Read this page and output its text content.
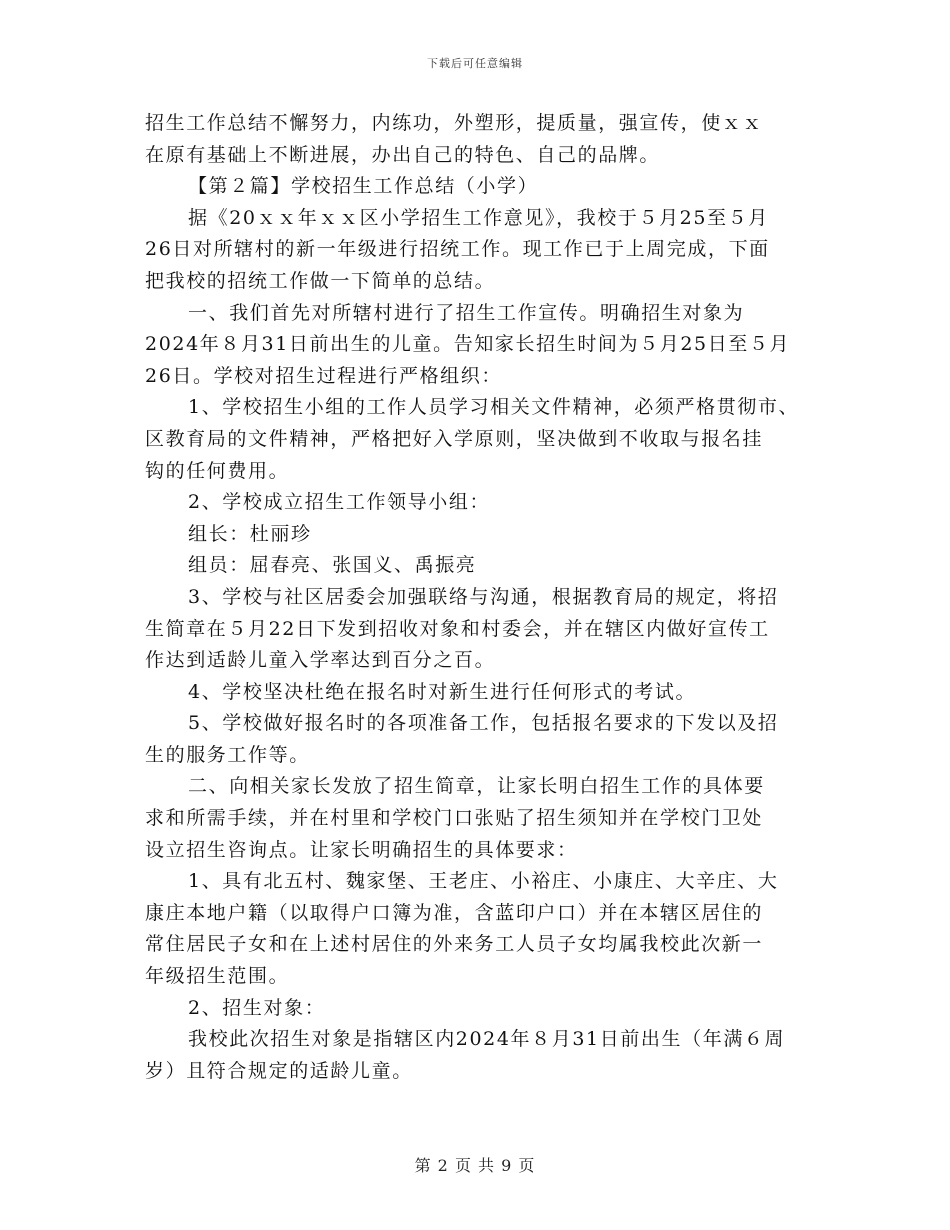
下载后可任意编辑
招生工作总结不懈努力，内练功，外塑形，提质量，强宣传，使ｘｘ
在原有基础上不断进展，办出自己的特色、自己的品牌。
【第２篇】学校招生工作总结（小学）
据《20ｘｘ年ｘｘ区小学招生工作意见》，我校于５月25至５月
26日对所辖村的新一年级进行招统工作。现工作已于上周完成，下面
把我校的招统工作做一下简单的总结。
一、我们首先对所辖村进行了招生工作宣传。明确招生对象为
2024年８月31日前出生的儿童。告知家长招生时间为５月25日至５月
26日。学校对招生过程进行严格组织：
1、学校招生小组的工作人员学习相关文件精神，必须严格贯彻市、
区教育局的文件精神，严格把好入学原则，坚决做到不收取与报名挂
钩的任何费用。
2、学校成立招生工作领导小组：
组长：杜丽珍
组员：屈春亮、张国义、禹振亮
3、学校与社区居委会加强联络与沟通，根据教育局的规定，将招
生简章在５月22日下发到招收对象和村委会，并在辖区内做好宣传工
作达到适龄儿童入学率达到百分之百。
4、学校坚决杜绝在报名时对新生进行任何形式的考试。
5、学校做好报名时的各项准备工作，包括报名要求的下发以及招
生的服务工作等。
二、向相关家长发放了招生简章，让家长明白招生工作的具体要
求和所需手续，并在村里和学校门口张贴了招生须知并在学校门卫处
设立招生咨询点。让家长明确招生的具体要求：
1、具有北五村、魏家堡、王老庄、小裕庄、小康庄、大辛庄、大
康庄本地户籍（以取得户口簿为准，含蓝印户口）并在本辖区居住的
常住居民子女和在上述村居住的外来务工人员子女均属我校此次新一
年级招生范围。
2、招生对象：
我校此次招生对象是指辖区内2024年８月31日前出生（年满６周
岁）且符合规定的适龄儿童。
第 2 页 共 9 页
